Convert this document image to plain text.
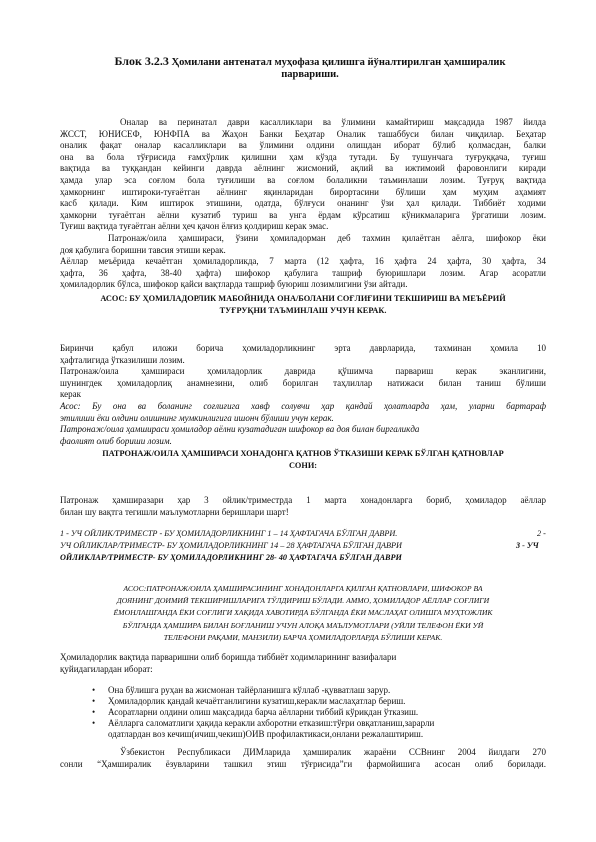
Блок 3.2.3 Ҳомилани антенатал муҳофаза қилишга йўналтирилган ҳамширалик
парвариши.
Оналар ва перинатал даври касалликлари ва ўлимини камайтириш мақсадида 1987 йилда
ЖССТ, ЮНИСЕФ, ЮНФПА ва Жаҳон Банки Беҳатар Оналик ташаббуси билан чиқдилар. Беҳатар
оналик фақат оналар касалликлари ва ўлимини олдини олишдан иборат бўлиб қолмасдан, балки
она ва бола тўғрисида ғамхўрлик қилишни ҳам кўзда тутади. Бу тушунчага туғруққача, туғиш
вақтида ва туққандан кейинги даврда аёлнинг жисмоний, ақлий ва ижтимоий фаровонлиги киради
ҳамда улар эса соғлом бола туғилиши ва соғлом болаликни таъминлаши лозим. Туғруқ вақтида
ҳамкорнинг иштироки-туғаётган аёлнинг яқинларидан бирортасини бўлиши ҳам муҳим аҳамият
касб қилади. Ким иштирок этишини, одатда, бўлғуси онанинг ўзи ҳал қилади. Тиббиёт ходими
ҳамкорни туғаётган аёлни кузатиб туриш ва унга ёрдам кўрсатиш кўникмаларига ўргатиши лозим.
Туғиш вақтида туғаётган аёлни ҳеч қачон ёлғиз қолдириш керак эмас.
Патронаж/оила ҳамшираси, ўзини ҳомиладорман деб тахмин қилаётган аёлга, шифокор ёки
доя қабулига боришни тавсия этиши керак.
Аёллар меъёрида кечаётган ҳомиладорликда, 7 мартa (12 ҳафта, 16 ҳафта 24 ҳафта, 30 ҳафта, 34
ҳафта, 36 ҳафта, 38-40 ҳафта) шифокор қабулига ташриф буюришлари лозим. Агар асоратли
ҳомиладорлик бўлса, шифокор қайси вақтларда ташриф буюриш лозимлигини ўзи айтади.
АСОС: БУ ҲОМИЛАДОРЛИК МАБОЙНИДА ОНА/БОЛАНИ СОҒЛИҒИНИ ТЕКШИРИШ ВА МЕЪЁРИЙ
ТУҒРУҚНИ ТАЪМИНЛАШ УЧУН КЕРАК.
Биринчи қабул иложи борича ҳомиладорликнинг эрта даврларида, тахминан ҳомила 10
ҳафталигида ўтказилиши лозим.
Патронаж/оила ҳамшираси ҳомиладорлик даврида қўшимча парвариш керак эканлигини,
шунингдек ҳомиладорлиқ анамнезини, олиб борилган таҳлиллар натижаси билан таниш бўлиши
керак
Асос: Бу она ва боланинг соғлиғига хавф солувчи ҳар қандай ҳолатларда ҳам, уларни бартараф
этилиши ёки олдини олишнинг мумкинлигига ишонч бўлиши учун керак.
Патронаж/оила ҳамшираси ҳомиладор аёлни кузатадиган шифокор ва доя билан биргаликда
фаолият олиб бориши лозим.
ПАТРОНАЖ/ОИЛА ҲАМШИРАСИ ХОНАДОНГА ҚАТНОВ ЎТКАЗИШИ КЕРАК БЎЛГАН ҚАТНОВЛАР
СОНИ:
Патронаж ҳамширазари ҳар 3 ойлик/триместрда 1 марта хонадонларга бориб, ҳомиладор аёллар
билан шу вақтга тегишли маълумотларни беришлари шарт!
1 - УЧ ОЙЛИК/ТРИМЕСТР - БУ ҲОМИЛАДОРЛИКНИНГ 1 – 14 ҲАФТАГАЧА БЎЛГАН ДАВРИ.	2 -
УЧ ОЙЛИКЛАР/ТРИМЕСТР- БУ ҲОМИЛАДОРЛИКНИНГ 14 – 28 ҲАФТАГАЧА БЎЛГАН ДАВРИ	3 - УЧ
ОЙЛИКЛАР/ТРИМЕСТР- БУ ҲОМИЛАДОРЛИКНИНГ 28- 40 ҲАФТАГАЧА БЎЛГАН ДАВРИ
АСОС:ПАТРОНАЖ/ОИЛА ҲАМШИРАСИНИНГ ХОНАДОНЛАРГА ҚИЛГАН ҚАТНОВЛАРИ, ШИФОКОР ВА
ДОЯНИНГ ДОИМИЙ ТЕКШИРИШЛАРИГА ТЎЛДИРИШ БЎЛАДИ. АММО, ҲОМИЛАДОР АЁЛЛАР СОҒЛИГИ
ЁМОНЛАШГАНДА ЁКИ СОҒЛИГИ ХАҚИДА ХАВОТИРДА БЎЛГАНДА ЁКИ МАСЛАҲАТ ОЛИШГА МУҲТОЖЛИК
БЎЛГАНДА ҲАМШИРА БИЛАН БОҒЛАНИШ УЧУН АЛОҚА МАЪЛУМОТЛАРИ (УЙЛИ ТЕЛЕФОН ЁКИ УЙ
ТЕЛЕФОНИ РАҚАМИ, МАНЗИЛИ) БАРЧА ҲОМИЛАДОРЛАРДА БЎЛИШИ КЕРАК.
Ҳомиладорлик вақтида парваришни олиб боришда тиббиёт ходимларининг вазифалари
қуйидагилардан иборат:
• Она бўлишга руҳан ва жисмонан тайёрланишга кўллаб -қувватлаш зарур.
• Ҳомиладорлик қандай кечаётганлигини кузатиш,керакли маслаҳатлар бериш.
• Асоратларни олдини олиш мақсадида барча аёлларни тиббий кўрикдан ўтказиш.
• Аёлларга саломатлиги ҳақида керакли ахборотни етказиш:тўғри овқатланиш,зарарли
одатлардан воз кечиш(ичиш,чекиш)ОИВ профилактикаси,онлани режалаштириш.
Ўзбекистон Республикаси ДИМларида ҳамширалик жараёни ССВнинг 2004 йилдаги 270
сонли “Ҳамширалик ёзувларини ташкил этиш тўғрисида”ги фармойишига асосан олиб борилади.
